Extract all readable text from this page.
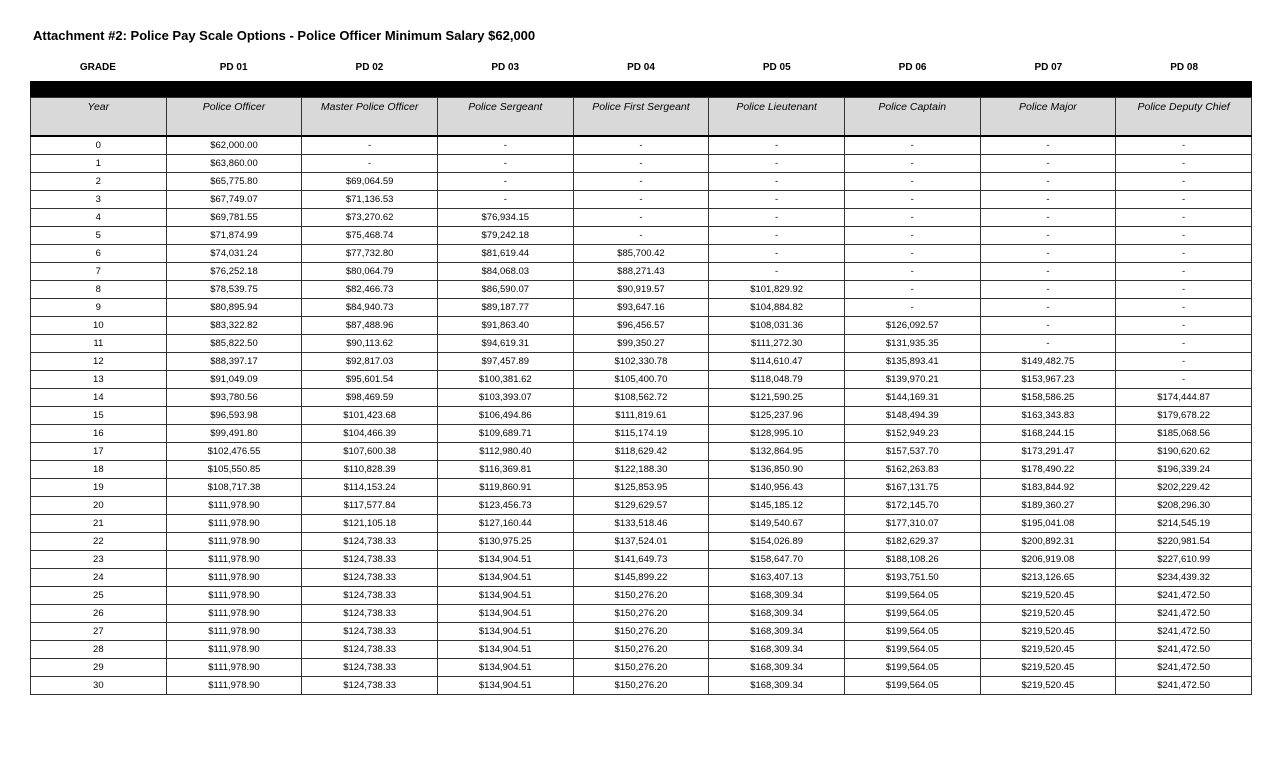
Attachment #2: Police Pay Scale Options - Police Officer Minimum Salary $62,000
GRADE	PD 01	PD 02	PD 03	PD 04	PD 05	PD 06	PD 07	PD 08
Year	Police Officer	Master Police Officer	Police Sergeant	Police First Sergeant	Police Lieutenant	Police Captain	Police Major	Police Deputy Chief
0	$62,000.00	-	-	-	-	-	-	-
1	$63,860.00	-	-	-	-	-	-	-
2	$65,775.80	$69,064.59	-	-	-	-	-	-
3	$67,749.07	$71,136.53	-	-	-	-	-	-
4	$69,781.55	$73,270.62	$76,934.15	-	-	-	-	-
5	$71,874.99	$75,468.74	$79,242.18	-	-	-	-	-
6	$74,031.24	$77,732.80	$81,619.44	$85,700.42	-	-	-	-
7	$76,252.18	$80,064.79	$84,068.03	$88,271.43	-	-	-	-
8	$78,539.75	$82,466.73	$86,590.07	$90,919.57	$101,829.92	-	-	-
9	$80,895.94	$84,940.73	$89,187.77	$93,647.16	$104,884.82	-	-	-
10	$83,322.82	$87,488.96	$91,863.40	$96,456.57	$108,031.36	$126,092.57	-	-
11	$85,822.50	$90,113.62	$94,619.31	$99,350.27	$111,272.30	$131,935.35	-	-
12	$88,397.17	$92,817.03	$97,457.89	$102,330.78	$114,610.47	$135,893.41	$149,482.75	-
13	$91,049.09	$95,601.54	$100,381.62	$105,400.70	$118,048.79	$139,970.21	$153,967.23	-
14	$93,780.56	$98,469.59	$103,393.07	$108,562.72	$121,590.25	$144,169.31	$158,586.25	$174,444.87
15	$96,593.98	$101,423.68	$106,494.86	$111,819.61	$125,237.96	$148,494.39	$163,343.83	$179,678.22
16	$99,491.80	$104,466.39	$109,689.71	$115,174.19	$128,995.10	$152,949.23	$168,244.15	$185,068.56
17	$102,476.55	$107,600.38	$112,980.40	$118,629.42	$132,864.95	$157,537.70	$173,291.47	$190,620.62
18	$105,550.85	$110,828.39	$116,369.81	$122,188.30	$136,850.90	$162,263.83	$178,490.22	$196,339.24
19	$108,717.38	$114,153.24	$119,860.91	$125,853.95	$140,956.43	$167,131.75	$183,844.92	$202,229.42
20	$111,978.90	$117,577.84	$123,456.73	$129,629.57	$145,185.12	$172,145.70	$189,360.27	$208,296.30
21	$111,978.90	$121,105.18	$127,160.44	$133,518.46	$149,540.67	$177,310.07	$195,041.08	$214,545.19
22	$111,978.90	$124,738.33	$130,975.25	$137,524.01	$154,026.89	$182,629.37	$200,892.31	$220,981.54
23	$111,978.90	$124,738.33	$134,904.51	$141,649.73	$158,647.70	$188,108.26	$206,919.08	$227,610.99
24	$111,978.90	$124,738.33	$134,904.51	$145,899.22	$163,407.13	$193,751.50	$213,126.65	$234,439.32
25	$111,978.90	$124,738.33	$134,904.51	$150,276.20	$168,309.34	$199,564.05	$219,520.45	$241,472.50
26	$111,978.90	$124,738.33	$134,904.51	$150,276.20	$168,309.34	$199,564.05	$219,520.45	$241,472.50
27	$111,978.90	$124,738.33	$134,904.51	$150,276.20	$168,309.34	$199,564.05	$219,520.45	$241,472.50
28	$111,978.90	$124,738.33	$134,904.51	$150,276.20	$168,309.34	$199,564.05	$219,520.45	$241,472.50
29	$111,978.90	$124,738.33	$134,904.51	$150,276.20	$168,309.34	$199,564.05	$219,520.45	$241,472.50
30	$111,978.90	$124,738.33	$134,904.51	$150,276.20	$168,309.34	$199,564.05	$219,520.45	$241,472.50
